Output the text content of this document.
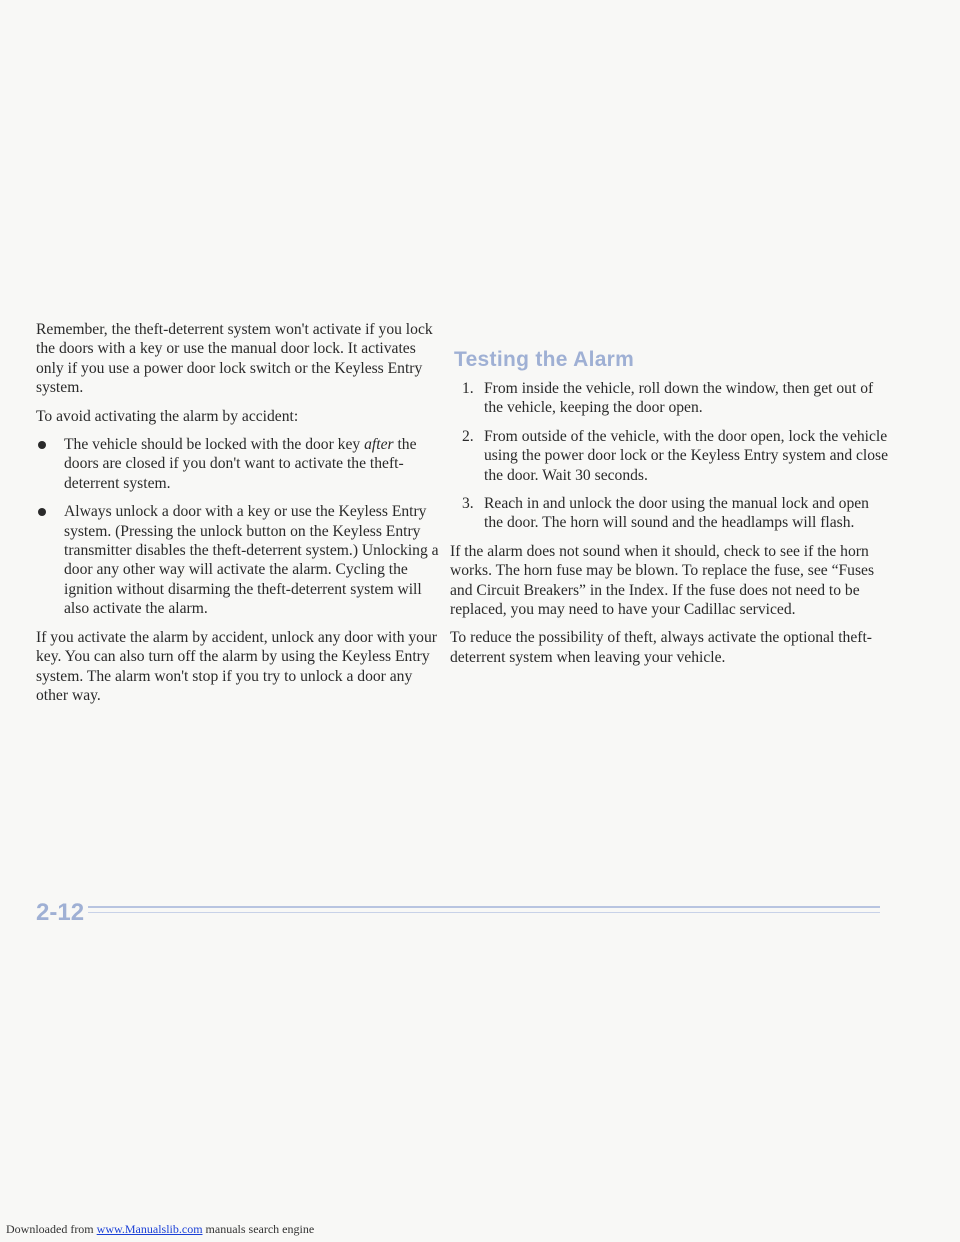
Remember, the theft-deterrent system won't activate if you lock the doors with a key or use the manual door lock. It activates only if you use a power door lock switch or the Keyless Entry system.

To avoid activating the alarm by accident:

The vehicle should be locked with the door key after the doors are closed if you don't want to activate the theft-deterrent system.
Always unlock a door with a key or use the Keyless Entry system. (Pressing the unlock button on the Keyless Entry transmitter disables the theft-deterrent system.) Unlocking a door any other way will activate the alarm. Cycling the ignition without disarming the theft-deterrent system will also activate the alarm.

If you activate the alarm by accident, unlock any door with your key. You can also turn off the alarm by using the Keyless Entry system. The alarm won't stop if you try to unlock a door any other way.

Testing the Alarm
1. From inside the vehicle, roll down the window, then get out of the vehicle, keeping the door open.
2. From outside of the vehicle, with the door open, lock the vehicle using the power door lock or the Keyless Entry system and close the door. Wait 30 seconds.
3. Reach in and unlock the door using the manual lock and open the door. The horn will sound and the headlamps will flash.

If the alarm does not sound when it should, check to see if the horn works. The horn fuse may be blown. To replace the fuse, see “Fuses and Circuit Breakers” in the Index. If the fuse does not need to be replaced, you may need to have your Cadillac serviced.

To reduce the possibility of theft, always activate the optional theft-deterrent system when leaving your vehicle.

2-12
Downloaded from www.Manualslib.com manuals search engine
